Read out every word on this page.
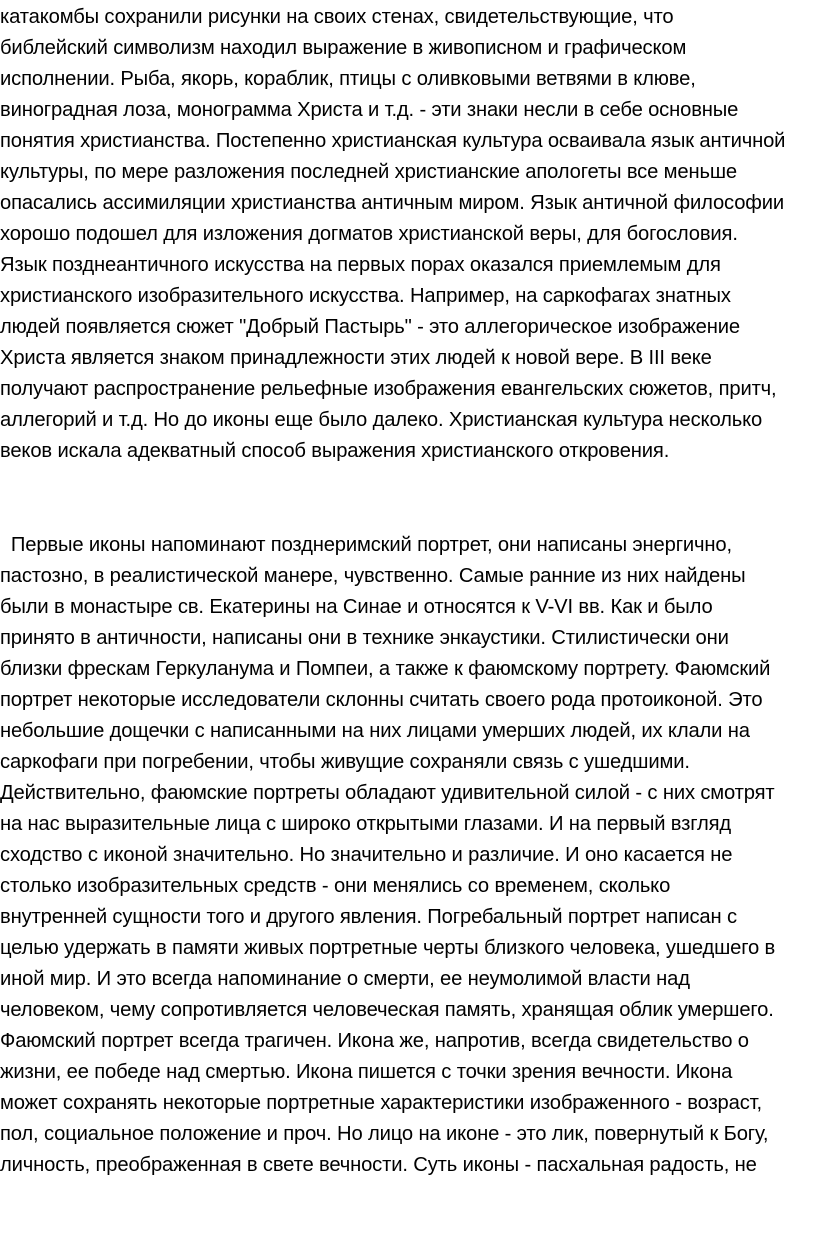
катакомбы сохранили рисунки на своих стенах, свидетельствующие, что
библейский символизм находил выражение в живописном и графическом
исполнении. Рыба, якорь, кораблик, птицы с оливковыми ветвями в клюве,
виноградная лоза, монограмма Христа и т.д. - эти знаки несли в себе основные
понятия христианства. Постепенно христианская культура осваивала язык античной
культуры, по мере разложения последней христианские апологеты все меньше
опасались ассимиляции христианства античным миром. Язык античной философии
хорошо подошел для изложения догматов христианской веры, для богословия.
Язык позднеантичного искусства на первых порах оказался приемлемым для
христианского изобразительного искусства. Например, на саркофагах знатных
людей появляется сюжет "Добрый Пастырь" - это аллегорическое изображение
Христа является знаком принадлежности этих людей к новой вере. В III веке
получают распространение рельефные изображения евангельских сюжетов, притч,
аллегорий и т.д. Но до иконы еще было далеко. Христианская культура несколько
веков искала адекватный способ выражения христианского откровения.
Первые иконы напоминают позднеримский портрет, они написаны энергично,
пастозно, в реалистической манере, чувственно. Самые ранние из них найдены
были в монастыре св. Екатерины на Синае и относятся к V-VI вв. Как и было
принято в античности, написаны они в технике энкаустики. Стилистически они
близки фрескам Геркуланума и Помпеи, а также к фаюмскому портрету. Фаюмский
портрет некоторые исследователи склонны считать своего рода протоиконой. Это
небольшие дощечки с написанными на них лицами умерших людей, их клали на
саркофаги при погребении, чтобы живущие сохраняли связь с ушедшими.
Действительно, фаюмские портреты обладают удивительной силой - с них смотрят
на нас выразительные лица с широко открытыми глазами. И на первый взгляд
сходство с иконой значительно. Но значительно и различие. И оно касается не
столько изобразительных средств - они менялись со временем, сколько
внутренней сущности того и другого явления. Погребальный портрет написан с
целью удержать в памяти живых портретные черты близкого человека, ушедшего в
иной мир. И это всегда напоминание о смерти, ее неумолимой власти над
человеком, чему сопротивляется человеческая память, хранящая облик умершего.
Фаюмский портрет всегда трагичен. Икона же, напротив, всегда свидетельство о
жизни, ее победе над смертью. Икона пишется с точки зрения вечности. Икона
может сохранять некоторые портретные характеристики изображенного - возраст,
пол, социальное положение и проч. Но лицо на иконе - это лик, повернутый к Богу,
личность, преображенная в свете вечности. Суть иконы - пасхальная радость, не
